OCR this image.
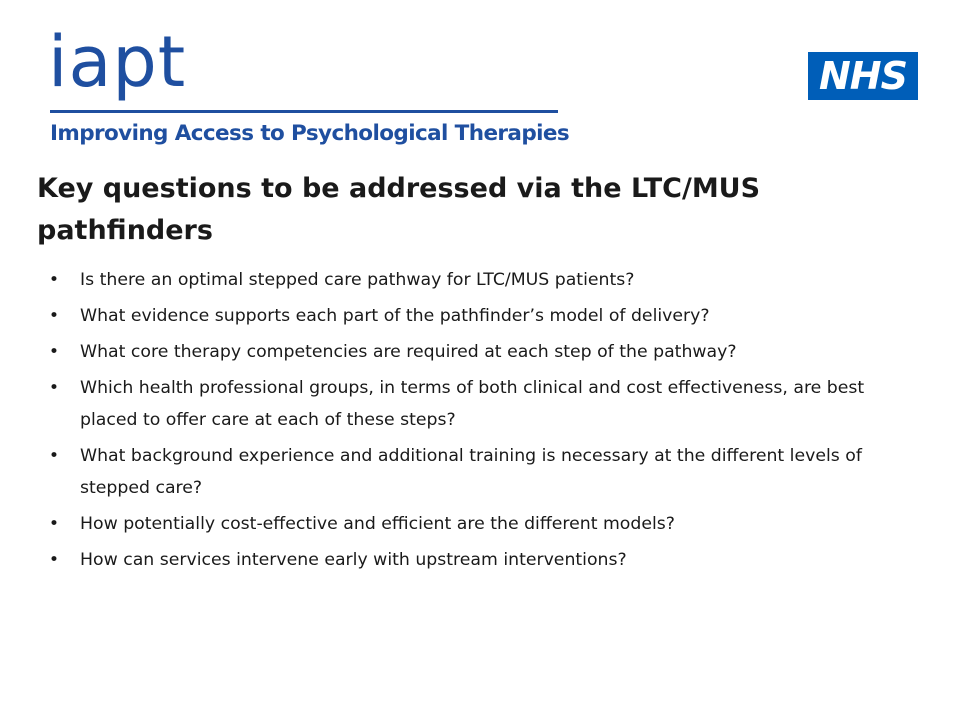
iapt
Improving Access to Psychological Therapies
NHS
Key questions to be addressed via the LTC/MUS pathfinders
• Is there an optimal stepped care pathway for LTC/MUS patients?
• What evidence supports each part of the pathfinder’s model of delivery?
• What core therapy competencies are required at each step of the pathway?
• Which health professional groups, in terms of both clinical and cost effectiveness, are best placed to offer care at each of these steps?
• What background experience and additional training is necessary at the different levels of stepped care?
• How potentially cost-effective and efficient are the different models?
• How can services intervene early with upstream interventions?
